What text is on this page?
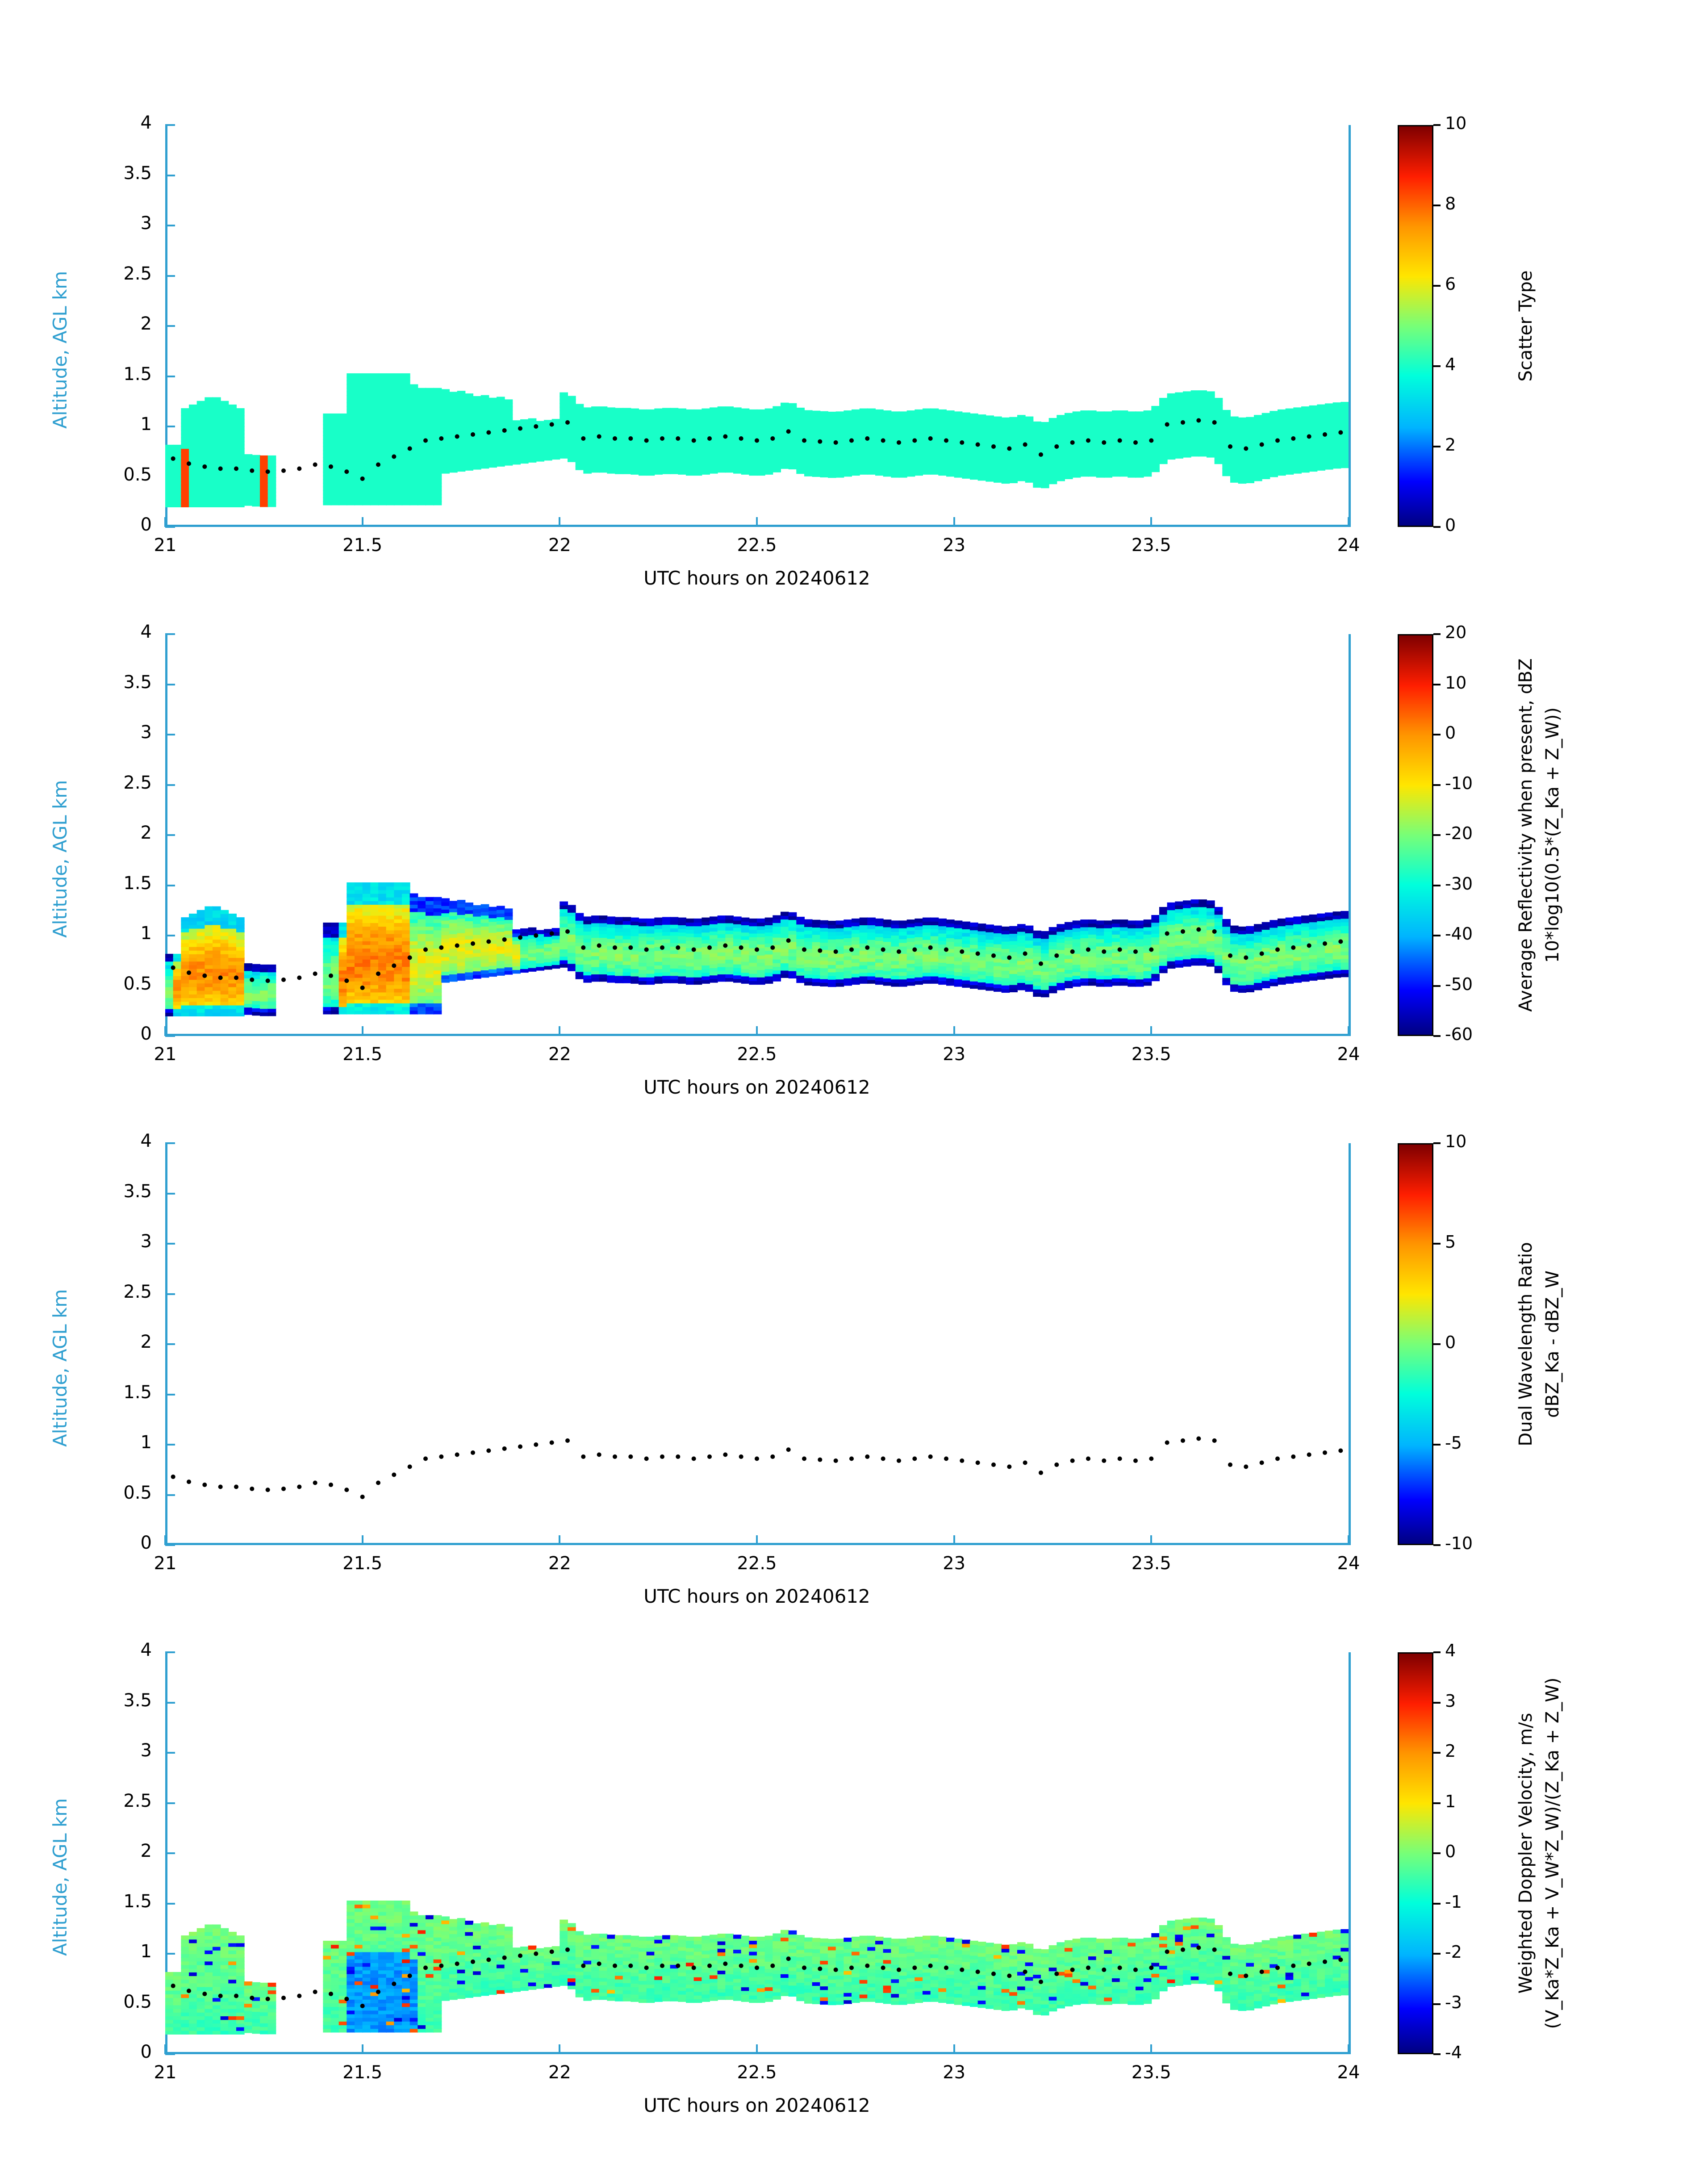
0
0.5
1
1.5
2
2.5
3
3.5
4
21	21.5	22	22.5	23	23.5	24
Altitude, AGL km
UTC hours on 20240612
0
2
4
6
8
10
Scatter Type
0
0.5
1
1.5
2
2.5
3
3.5
4
21	21.5	22	22.5	23	23.5	24
Altitude, AGL km
UTC hours on 20240612
-60
-50
-40
-30
-20
-10
0
10
20
Average Reflectivity when present, dBZ 10*log10(0.5*(Z_Ka + Z_W))
0
0.5
1
1.5
2
2.5
3
3.5
4
21	21.5	22	22.5	23	23.5	24
Altitude, AGL km
UTC hours on 20240612
-10
-5
0
5
10
Dual Wavelength Ratio dBZ_Ka - dBZ_W
0
0.5
1
1.5
2
2.5
3
3.5
4
21	21.5	22	22.5	23	23.5	24
Altitude, AGL km
UTC hours on 20240612
-4
-3
-2
-1
0
1
2
3
4
Weighted Doppler Velocity, m/s (V_Ka*Z_Ka + V_W*Z_W)/(Z_Ka + Z_W)
